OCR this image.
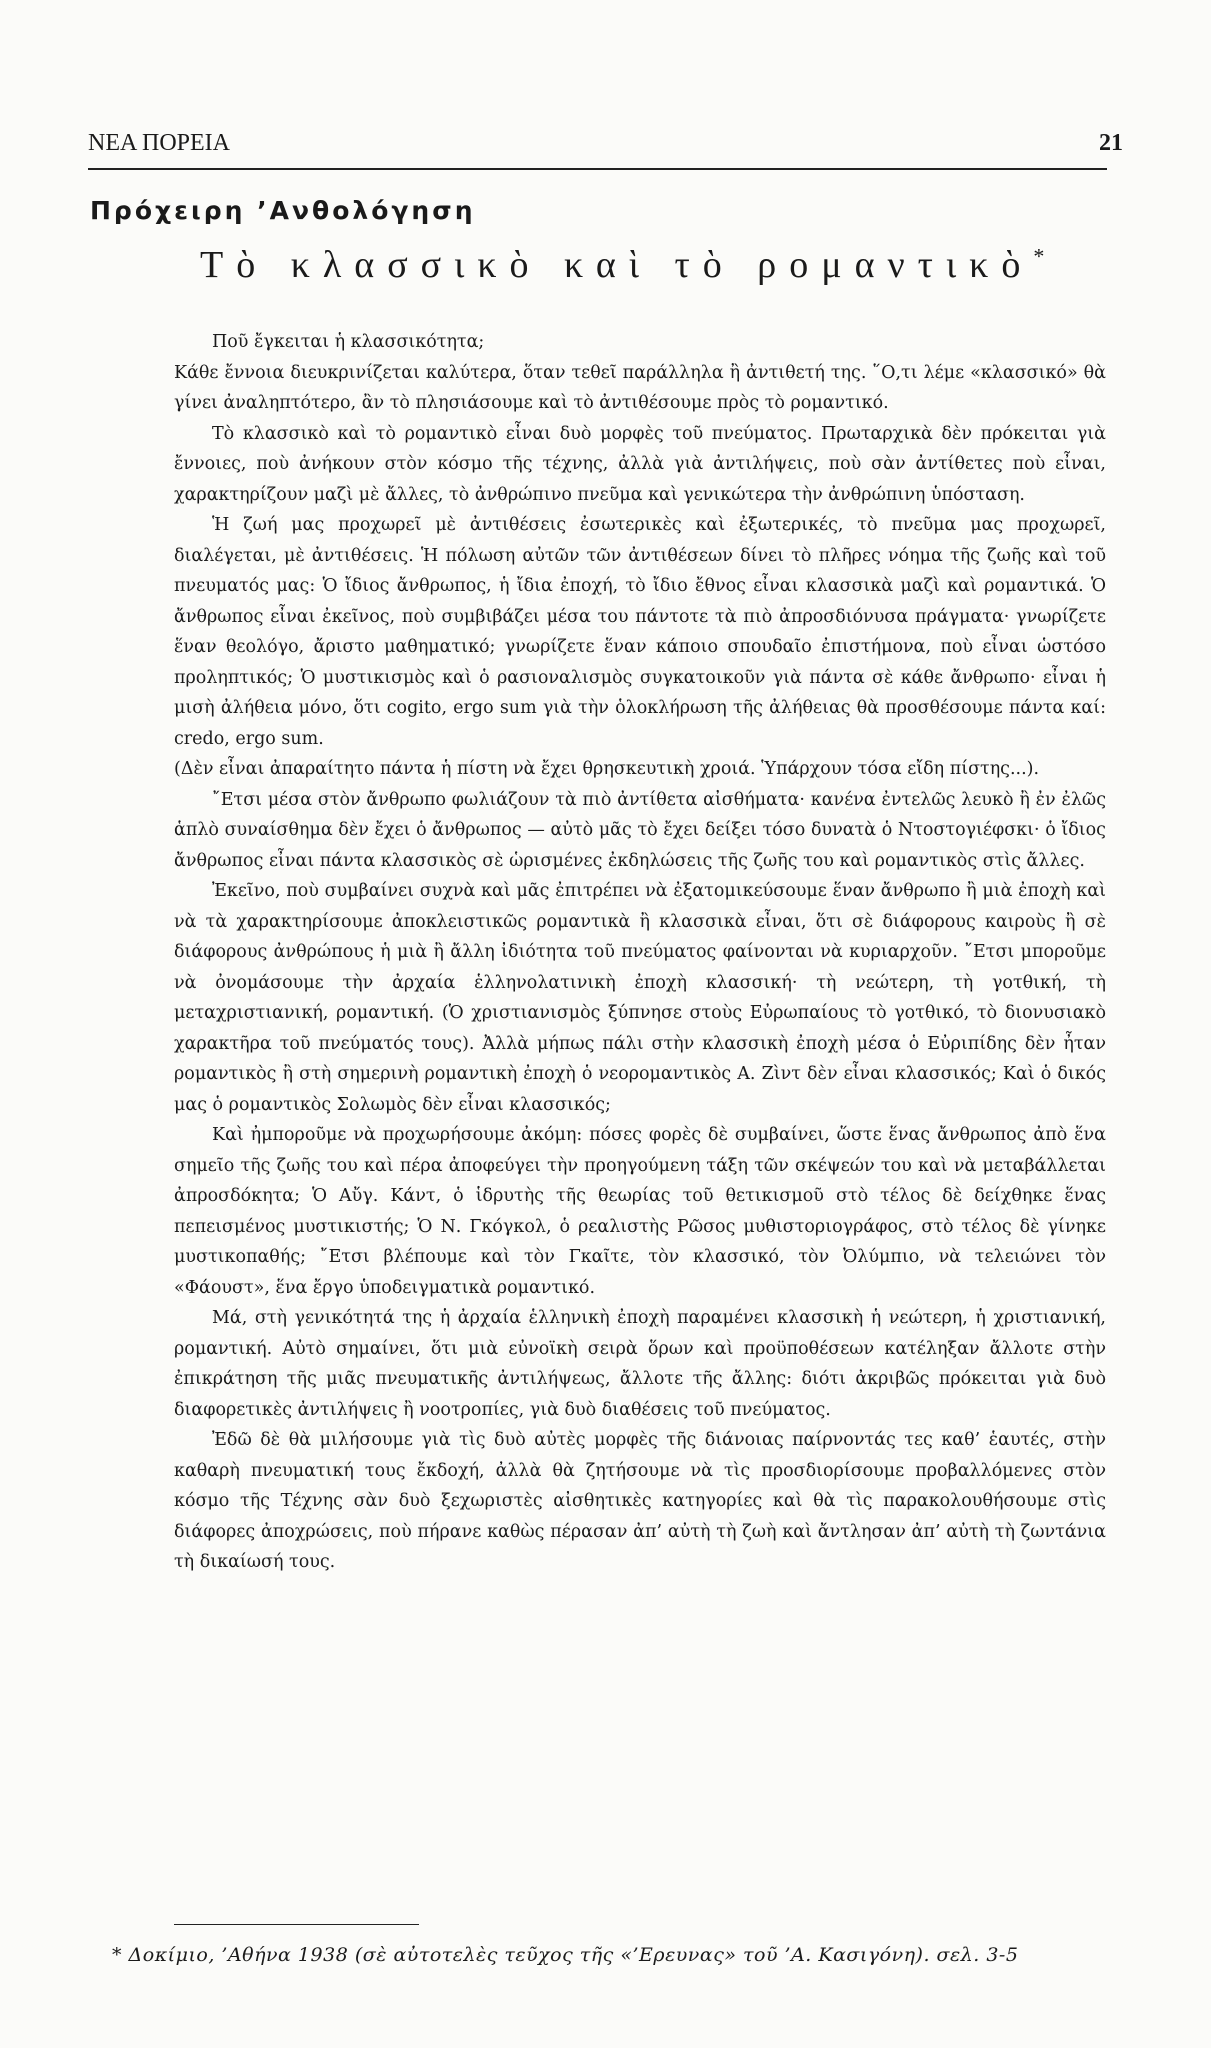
ΝΕΑ ΠΟΡΕΙΑ	21
Πρόχειρη ’Ανθολόγηση
Τὸ κλασσικὸ καὶ τὸ ρομαντικὸ*

Ποῦ ἔγκειται ἡ κλασσικότητα;

Κάθε ἔννοια διευκρινίζεται καλύτερα, ὅταν τεθεῖ παράλληλα ἢ ἀντιθετή της. ῞Ο,τι λέμε «κλασσικό» θὰ γίνει ἀναληπτότερο, ἂν τὸ πλησιάσουμε καὶ τὸ ἀντιθέσουμε πρὸς τὸ ρομαντικό.

Τὸ κλασσικὸ καὶ τὸ ρομαντικὸ εἶναι δυὸ μορφὲς τοῦ πνεύματος. Πρωταρχικὰ δὲν πρόκειται γιὰ ἔννοιες, ποὺ ἀνήκουν στὸν κόσμο τῆς τέχνης, ἀλλὰ γιὰ ἀντιλήψεις, ποὺ σὰν ἀντίθετες ποὺ εἶναι, χαρακτηρίζουν μαζὶ μὲ ἄλλες, τὸ ἀνθρώπινο πνεῦμα καὶ γενικώτερα τὴν ἀνθρώπινη ὑπόσταση.

Ἡ ζωή μας προχωρεῖ μὲ ἀντιθέσεις ἐσωτερικὲς καὶ ἐξωτερικές, τὸ πνεῦμα μας προχωρεῖ, διαλέγεται, μὲ ἀντιθέσεις. Ἡ πόλωση αὐτῶν τῶν ἀντιθέσεων δίνει τὸ πλῆρες νόημα τῆς ζωῆς καὶ τοῦ πνευματός μας: Ὁ ἴδιος ἄνθρωπος, ἡ ἴδια ἐποχή, τὸ ἴδιο ἔθνος εἶναι κλασσικὰ μαζὶ καὶ ρομαντικά. Ὁ ἄνθρωπος εἶναι ἐκεῖνος, ποὺ συμβιβάζει μέσα του πάντοτε τὰ πιὸ ἀπροσδιόνυσα πράγματα· γνωρίζετε ἕναν θεολόγο, ἄριστο μαθηματικό; γνωρίζετε ἕναν κάποιο σπουδαῖο ἐπιστήμονα, ποὺ εἶναι ὡστόσο προληπτικός; Ὁ μυστικισμὸς καὶ ὁ ρασιοναλισμὸς συγκατοικοῦν γιὰ πάντα σὲ κάθε ἄνθρωπο· εἶναι ἡ μισὴ ἀλήθεια μόνο, ὅτι cogito, ergo sum γιὰ τὴν ὁλοκλήρωση τῆς ἀλήθειας θὰ προσθέσουμε πάντα καί: credo, ergo sum.

(Δὲν εἶναι ἀπαραίτητο πάντα ἡ πίστη νὰ ἔχει θρησκευτικὴ χροιά. Ὑπάρχουν τόσα εἴδη πίστης...).

῎Ετσι μέσα στὸν ἄνθρωπο φωλιάζουν τὰ πιὸ ἀντίθετα αἰσθήματα· κανένα ἐντελῶς λευκὸ ἢ ἐν ἐλῶς ἁπλὸ συναίσθημα δὲν ἔχει ὁ ἄνθρωπος — αὐτὸ μᾶς τὸ ἔχει δείξει τόσο δυνατὰ ὁ Ντοστογιέφσκι· ὁ ἴδιος ἄνθρωπος εἶναι πάντα κλασσικὸς σὲ ὡρισμένες ἐκδηλώσεις τῆς ζωῆς του καὶ ρομαντικὸς στὶς ἄλλες.

Ἐκεῖνο, ποὺ συμβαίνει συχνὰ καὶ μᾶς ἐπιτρέπει νὰ ἐξατομικεύσουμε ἕναν ἄνθρωπο ἢ μιὰ ἐποχὴ καὶ νὰ τὰ χαρακτηρίσουμε ἀποκλειστικῶς ρομαντικὰ ἢ κλασσικὰ εἶναι, ὅτι σὲ διάφορους καιροὺς ἢ σὲ διάφορους ἀνθρώπους ἡ μιὰ ἢ ἄλλη ἰδιότητα τοῦ πνεύματος φαίνονται νὰ κυριαρχοῦν. ῎Ετσι μποροῦμε νὰ ὀνομάσουμε τὴν ἀρχαία ἑλληνολατινικὴ ἐποχὴ κλασσική· τὴ νεώτερη, τὴ γοτθική, τὴ μεταχριστιανική, ρομαντική. (Ὁ χριστιανισμὸς ξύπνησε στοὺς Εὐρωπαίους τὸ γοτθικό, τὸ διονυσιακὸ χαρακτῆρα τοῦ πνεύματός τους). Ἀλλὰ μήπως πάλι στὴν κλασσικὴ ἐποχὴ μέσα ὁ Εὐριπίδης δὲν ἦταν ρομαντικὸς ἢ στὴ σημερινὴ ρομαντικὴ ἐποχὴ ὁ νεορομαντικὸς Α. Ζὶντ δὲν εἶναι κλασσικός; Καὶ ὁ δικός μας ὁ ρομαντικὸς Σολωμὸς δὲν εἶναι κλασσικός;

Καὶ ἠμποροῦμε νὰ προχωρήσουμε ἀκόμη: πόσες φορὲς δὲ συμβαίνει, ὥστε ἕνας ἄνθρωπος ἀπὸ ἕνα σημεῖο τῆς ζωῆς του καὶ πέρα ἀποφεύγει τὴν προηγούμενη τάξη τῶν σκέψεών του καὶ νὰ μεταβάλλεται ἀπροσδόκητα; Ὁ Αὔγ. Κάντ, ὁ ἱδρυτὴς τῆς θεωρίας τοῦ θετικισμοῦ στὸ τέλος δὲ δείχθηκε ἕνας πεπεισμένος μυστικιστής; Ὁ Ν. Γκόγκολ, ὁ ρεαλιστὴς Ρῶσος μυθιστοριογράφος, στὸ τέλος δὲ γίνηκε μυστικοπαθής; ῎Ετσι βλέπουμε καὶ τὸν Γκαῖτε, τὸν κλασσικό, τὸν Ὀλύμπιο, νὰ τελειώνει τὸν «Φάουστ», ἕνα ἔργο ὑποδειγματικὰ ρομαντικό.

Μά, στὴ γενικότητά της ἡ ἀρχαία ἑλληνικὴ ἐποχὴ παραμένει κλασσικὴ ἡ νεώτερη, ἡ χριστιανική, ρομαντική. Αὐτὸ σημαίνει, ὅτι μιὰ εὐνοϊκὴ σειρὰ ὅρων καὶ προϋποθέσεων κατέληξαν ἄλλοτε στὴν ἐπικράτηση τῆς μιᾶς πνευματικῆς ἀντιλήψεως, ἄλλοτε τῆς ἄλλης: διότι ἀκριβῶς πρόκειται γιὰ δυὸ διαφορετικὲς ἀντιλήψεις ἢ νοοτροπίες, γιὰ δυὸ διαθέσεις τοῦ πνεύματος.

Ἐδῶ δὲ θὰ μιλήσουμε γιὰ τὶς δυὸ αὐτὲς μορφὲς τῆς διάνοιας παίρνοντάς τες καθ’ ἑαυτές, στὴν καθαρὴ πνευματική τους ἔκδοχή, ἀλλὰ θὰ ζητήσουμε νὰ τὶς προσδιορίσουμε προβαλλόμενες στὸν κόσμο τῆς Τέχνης σὰν δυὸ ξεχωριστὲς αἰσθητικὲς κατηγορίες καὶ θὰ τὶς παρακολουθήσουμε στὶς διάφορες ἀποχρώσεις, ποὺ πήρανε καθὼς πέρασαν ἀπ’ αὐτὴ τὴ ζωὴ καὶ ἄντλησαν ἀπ’ αὐτὴ τὴ ζωντάνια τὴ δικαίωσή τους.

* Δοκίμιο, ’Αθήνα 1938 (σὲ αὐτοτελὲς τεῦχος τῆς «’Ερευνας» τοῦ ’Α. Κασιγόνη). σελ. 3-5
